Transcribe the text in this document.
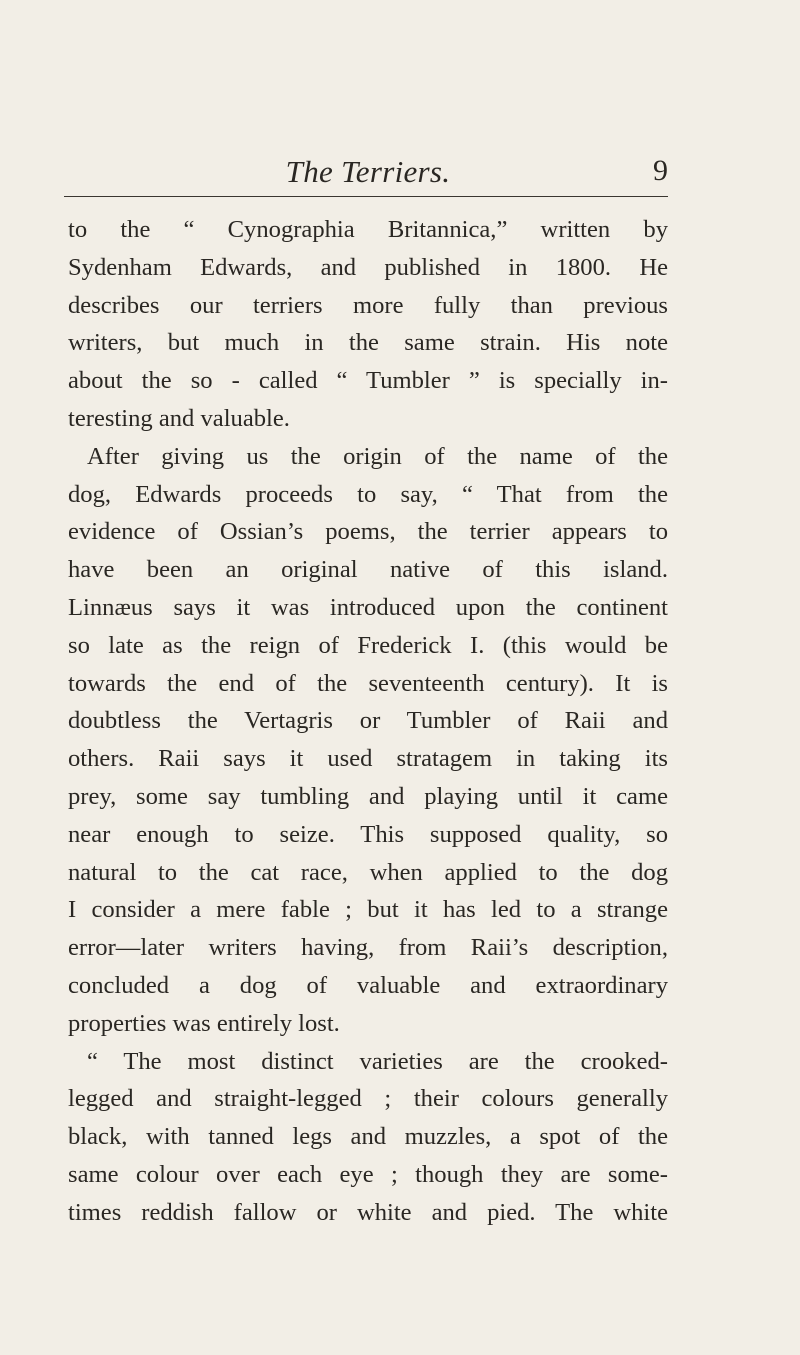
The Terriers.	9
to the “ Cynographia Britannica,” written by
Sydenham Edwards, and published in 1800. He
describes our terriers more fully than previous
writers, but much in the same strain. His note
about the so - called “ Tumbler ” is specially in-
teresting and valuable.
After giving us the origin of the name of the
dog, Edwards proceeds to say, “ That from the
evidence of Ossian’s poems, the terrier appears to
have been an original native of this island.
Linnæus says it was introduced upon the continent
so late as the reign of Frederick I. (this would be
towards the end of the seventeenth century). It is
doubtless the Vertagris or Tumbler of Raii and
others. Raii says it used stratagem in taking its
prey, some say tumbling and playing until it came
near enough to seize. This supposed quality, so
natural to the cat race, when applied to the dog
I consider a mere fable ; but it has led to a strange
error—later writers having, from Raii’s description,
concluded a dog of valuable and extraordinary
properties was entirely lost.
“ The most distinct varieties are the crooked-
legged and straight-legged ; their colours generally
black, with tanned legs and muzzles, a spot of the
same colour over each eye ; though they are some-
times reddish fallow or white and pied. The white
